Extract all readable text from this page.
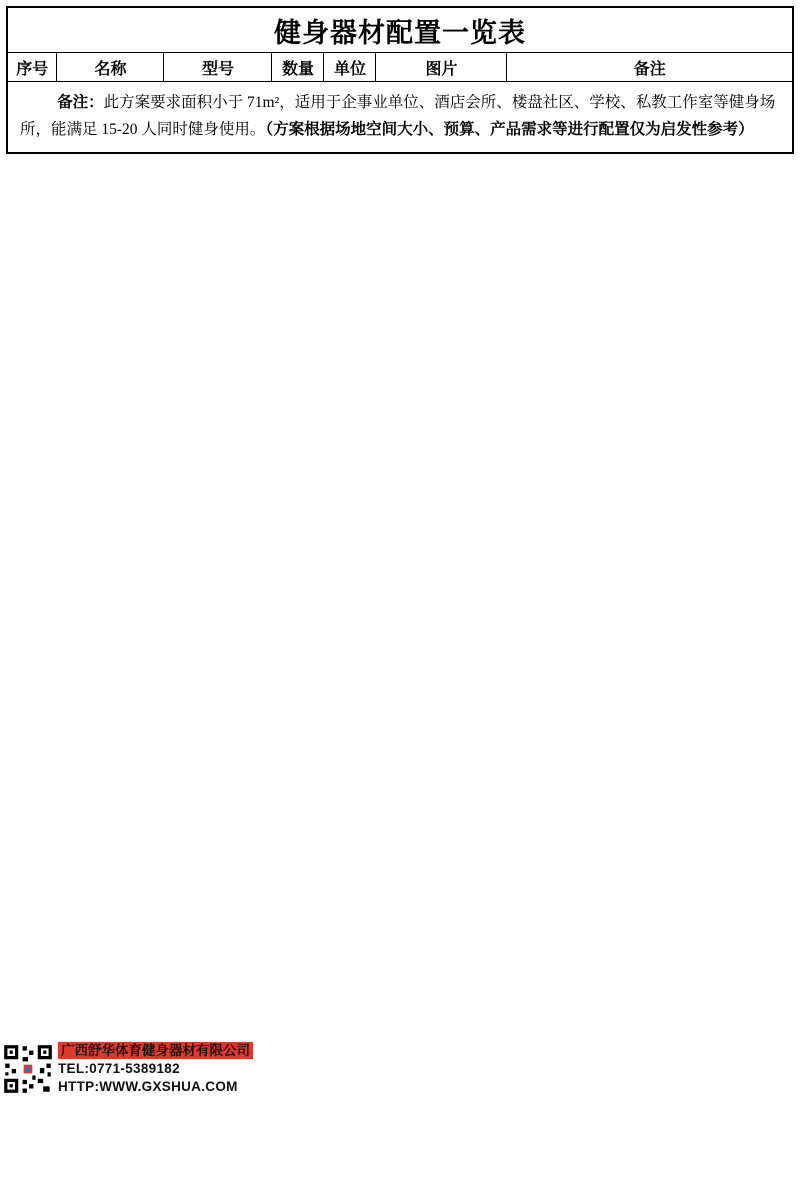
健身器材配置一览表
序号	名称	型号	数量	单位	图片	备注

备注：此方案要求面积小于 71m²，适用于企事业单位、酒店会所、楼盘社区、学校、私教工作室等健身场所，能满足 15-20 人同时健身使用。（方案根据场地空间大小、预算、产品需求等进行配置仅为启发性参考）

广西舒华体育健身器材有限公司
TEL:0771-5389182
HTTP:WWW.GXSHUA.COM
